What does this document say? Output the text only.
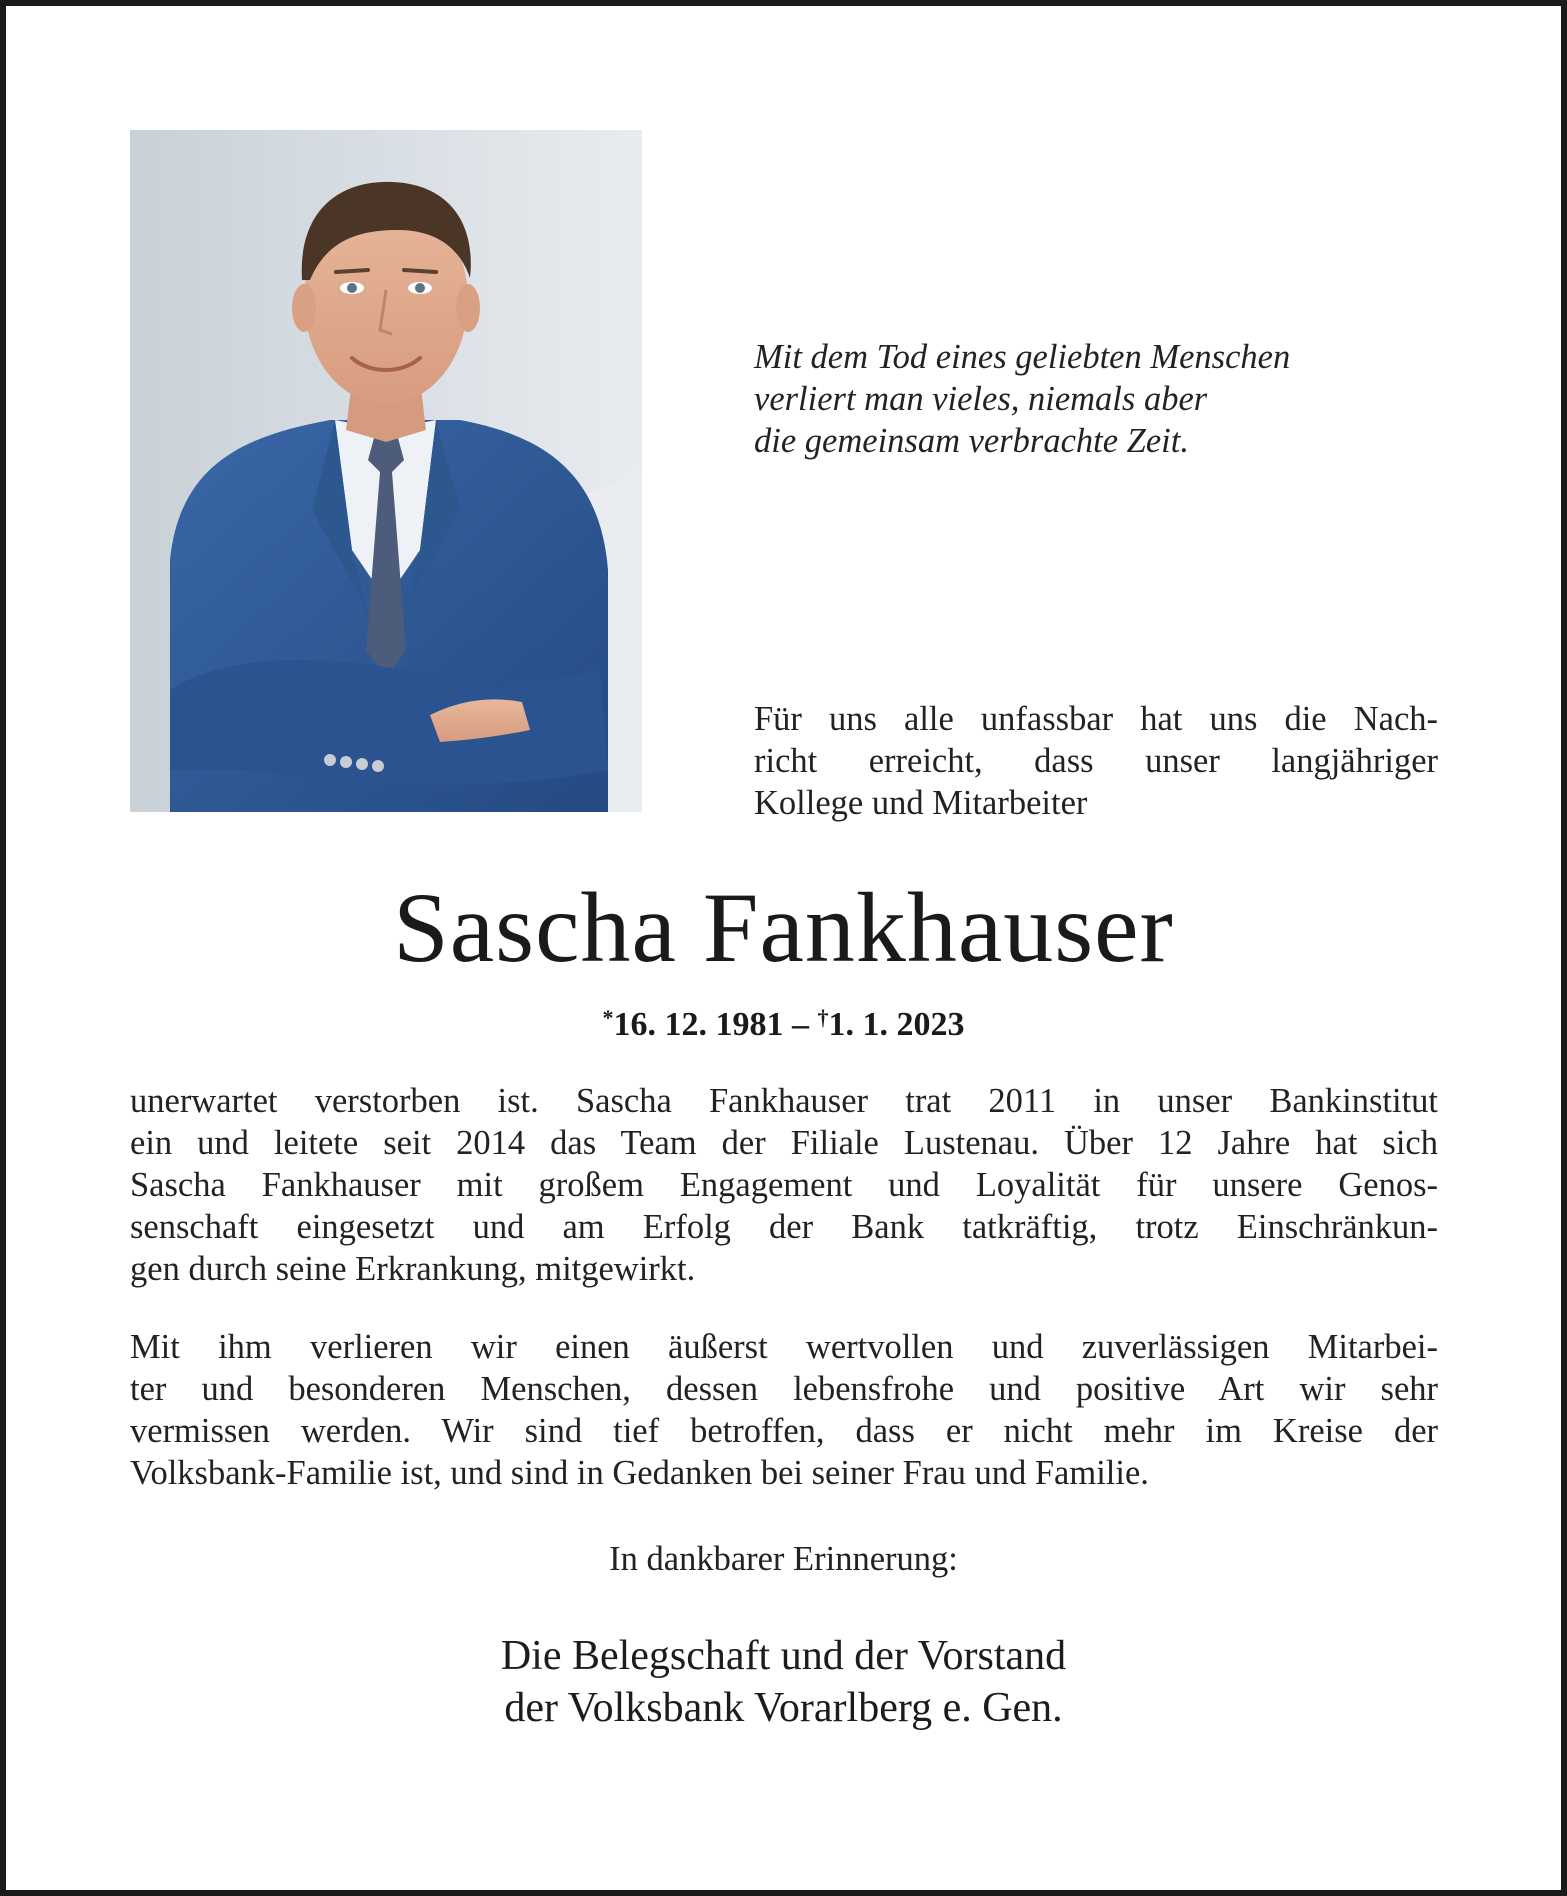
Mit dem Tod eines geliebten Menschen
verliert man vieles, niemals aber
die gemeinsam verbrachte Zeit.
Für uns alle unfassbar hat uns die Nach-
richt erreicht, dass unser langjähriger
Kollege und Mitarbeiter
Sascha Fankhauser
*16. 12. 1981 – †1. 1. 2023
unerwartet verstorben ist. Sascha Fankhauser trat 2011 in unser Bankinstitut
ein und leitete seit 2014 das Team der Filiale Lustenau. Über 12 Jahre hat sich
Sascha Fankhauser mit großem Engagement und Loyalität für unsere Genos-
senschaft eingesetzt und am Erfolg der Bank tatkräftig, trotz Einschränkun-
gen durch seine Erkrankung, mitgewirkt.
Mit ihm verlieren wir einen äußerst wertvollen und zuverlässigen Mitarbei-
ter und besonderen Menschen, dessen lebensfrohe und positive Art wir sehr
vermissen werden. Wir sind tief betroffen, dass er nicht mehr im Kreise der
Volksbank-Familie ist, und sind in Gedanken bei seiner Frau und Familie.
In dankbarer Erinnerung:
Die Belegschaft und der Vorstand
der Volksbank Vorarlberg e. Gen.
